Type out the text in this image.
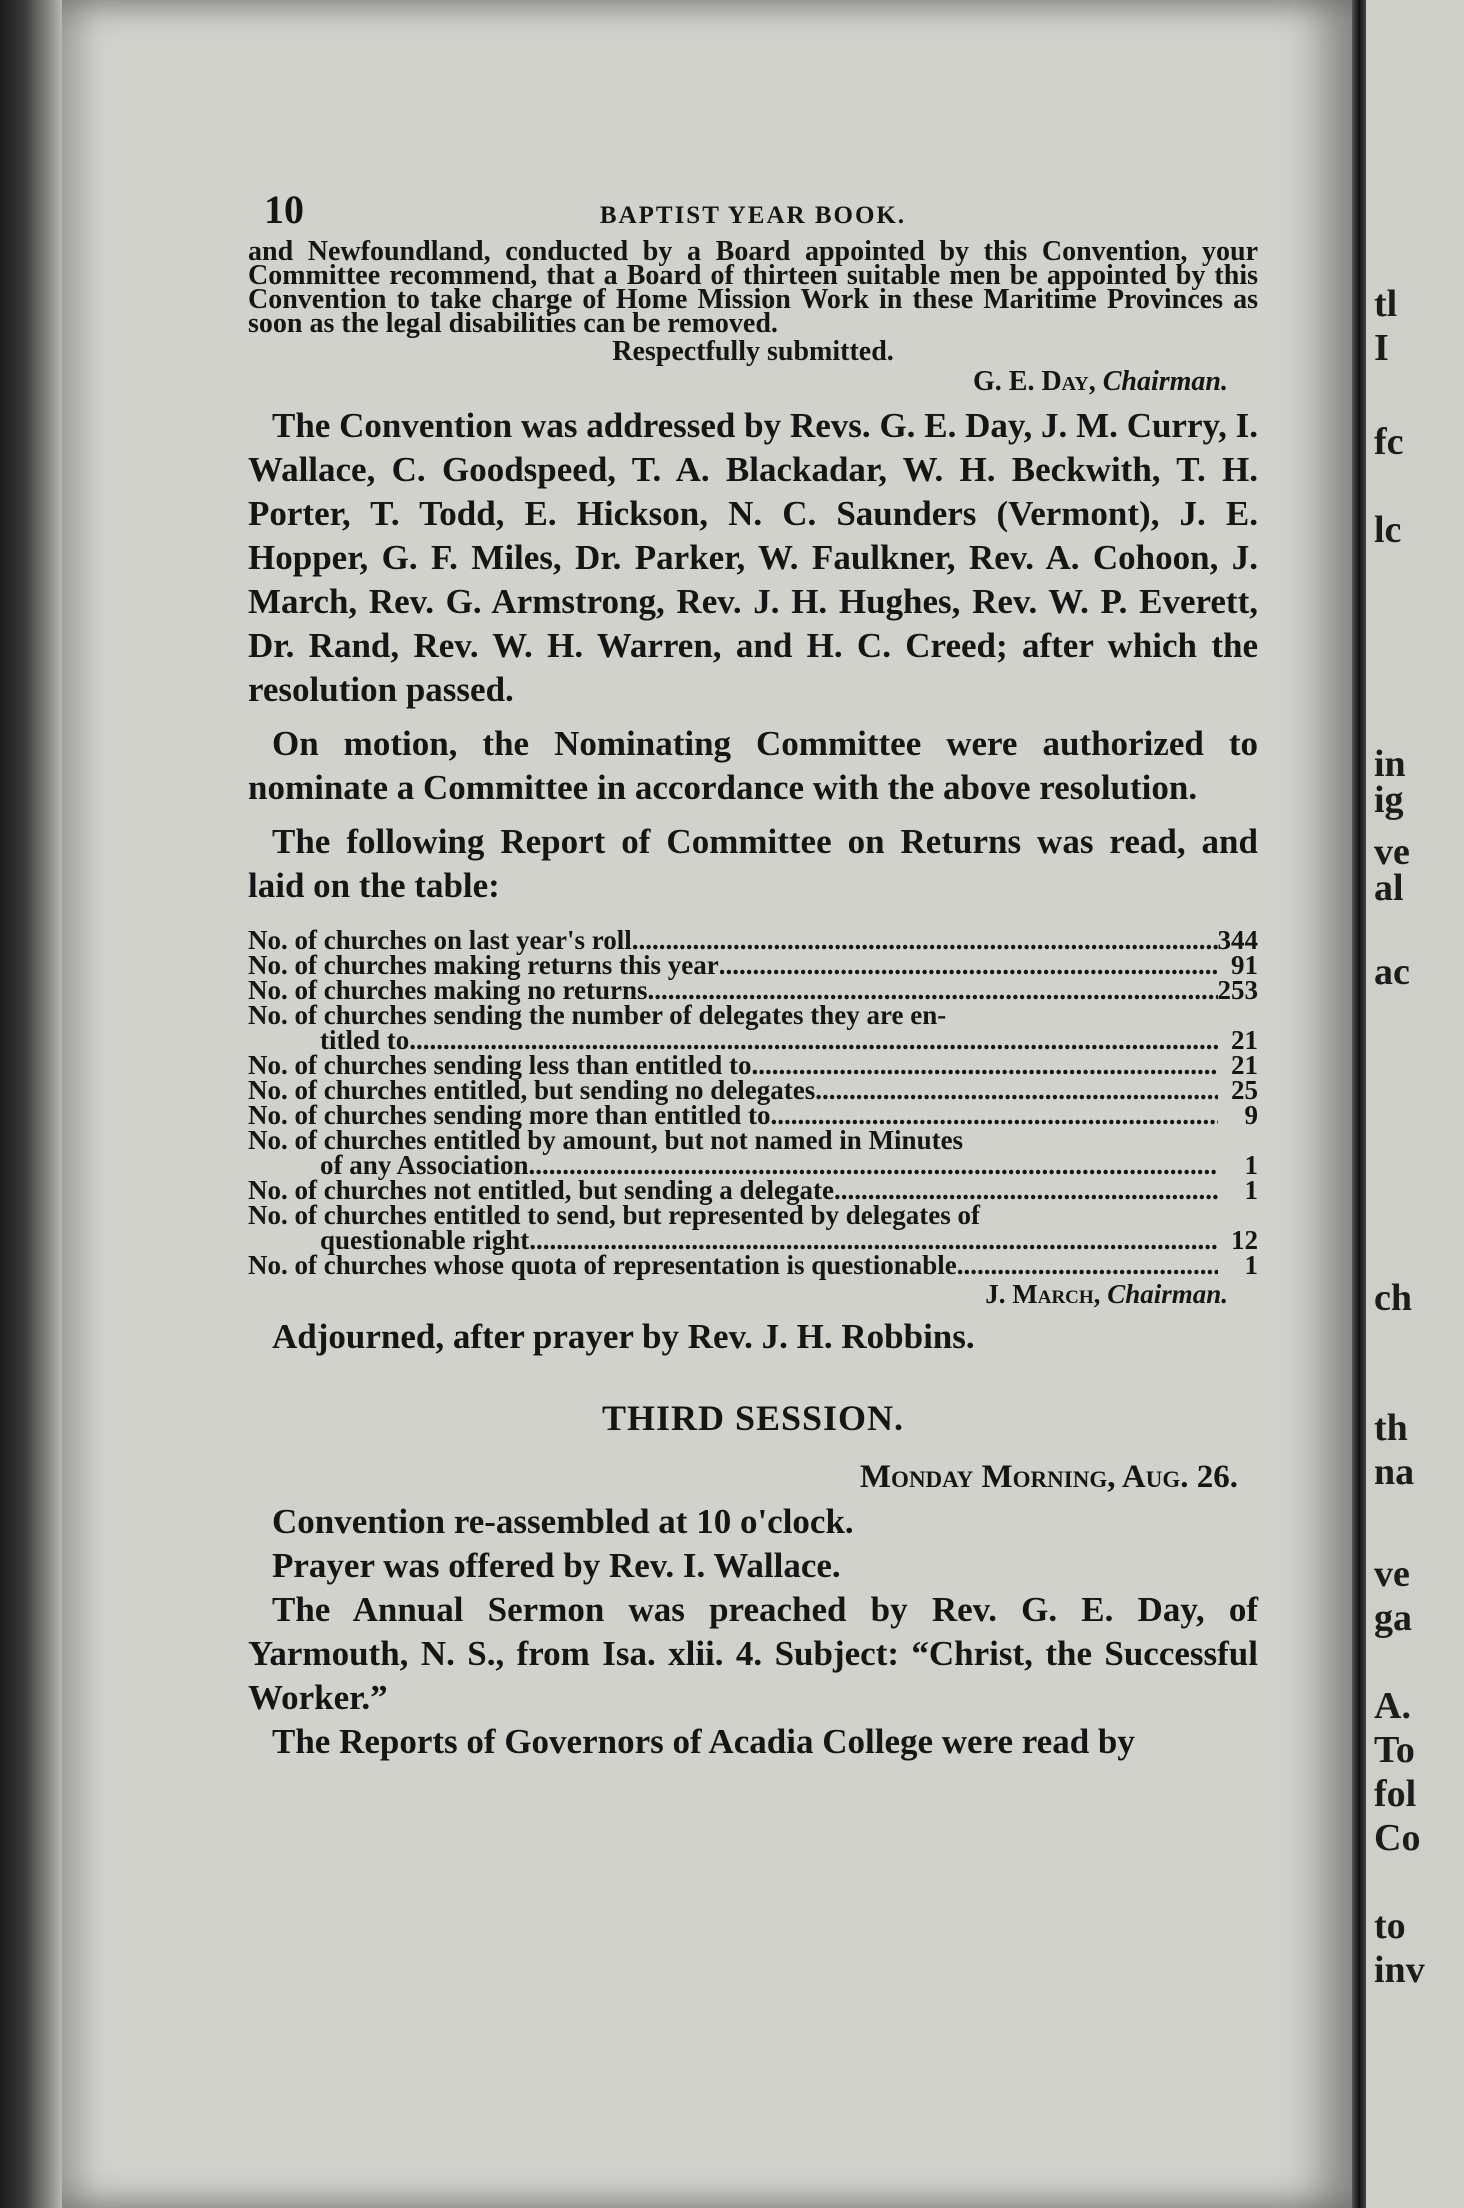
tl
I
fc
lc
in
ig
ve
al
ac
ch
th
na
ve
ga
A.
To
fol
Co
to
inv
10	BAPTIST YEAR BOOK.

and Newfoundland, conducted by a Board appointed by this Convention, your Committee recommend, that a Board of thirteen suitable men be appointed by this Convention to take charge of Home Mission Work in these Maritime Provinces as soon as the legal disabilities can be removed.

Respectfully submitted.

G. E. Day, Chairman.

The Convention was addressed by Revs. G. E. Day, J. M. Curry, I. Wallace, C. Goodspeed, T. A. Blackadar, W. H. Beckwith, T. H. Porter, T. Todd, E. Hickson, N. C. Saunders (Vermont), J. E. Hopper, G. F. Miles, Dr. Parker, W. Faulkner, Rev. A. Cohoon, J. March, Rev. G. Armstrong, Rev. J. H. Hughes, Rev. W. P. Everett, Dr. Rand, Rev. W. H. Warren, and H. C. Creed; after which the resolution passed.

On motion, the Nominating Committee were authorized to nominate a Committee in accordance with the above resolution.

The following Report of Committee on Returns was read, and laid on the table:

No. of churches on last year's roll .....	344
No. of churches making returns this year .....	91
No. of churches making no returns .....	253
No. of churches sending the number of delegates they are en-
titled to .....	21
No. of churches sending less than entitled to .....	21
No. of churches entitled, but sending no delegates .....	25
No. of churches sending more than entitled to .....	9
No. of churches entitled by amount, but not named in Minutes
of any Association .....	1
No. of churches not entitled, but sending a delegate .....	1
No. of churches entitled to send, but represented by delegates of
questionable right .....	12
No. of churches whose quota of representation is questionable .....	1
J. March, Chairman.

Adjourned, after prayer by Rev. J. H. Robbins.

THIRD SESSION.
Monday Morning, Aug. 26.

Convention re-assembled at 10 o'clock.

Prayer was offered by Rev. I. Wallace.

The Annual Sermon was preached by Rev. G. E. Day, of Yarmouth, N. S., from Isa. xlii. 4. Subject: “Christ, the Successful Worker.”

The Reports of Governors of Acadia College were read by
